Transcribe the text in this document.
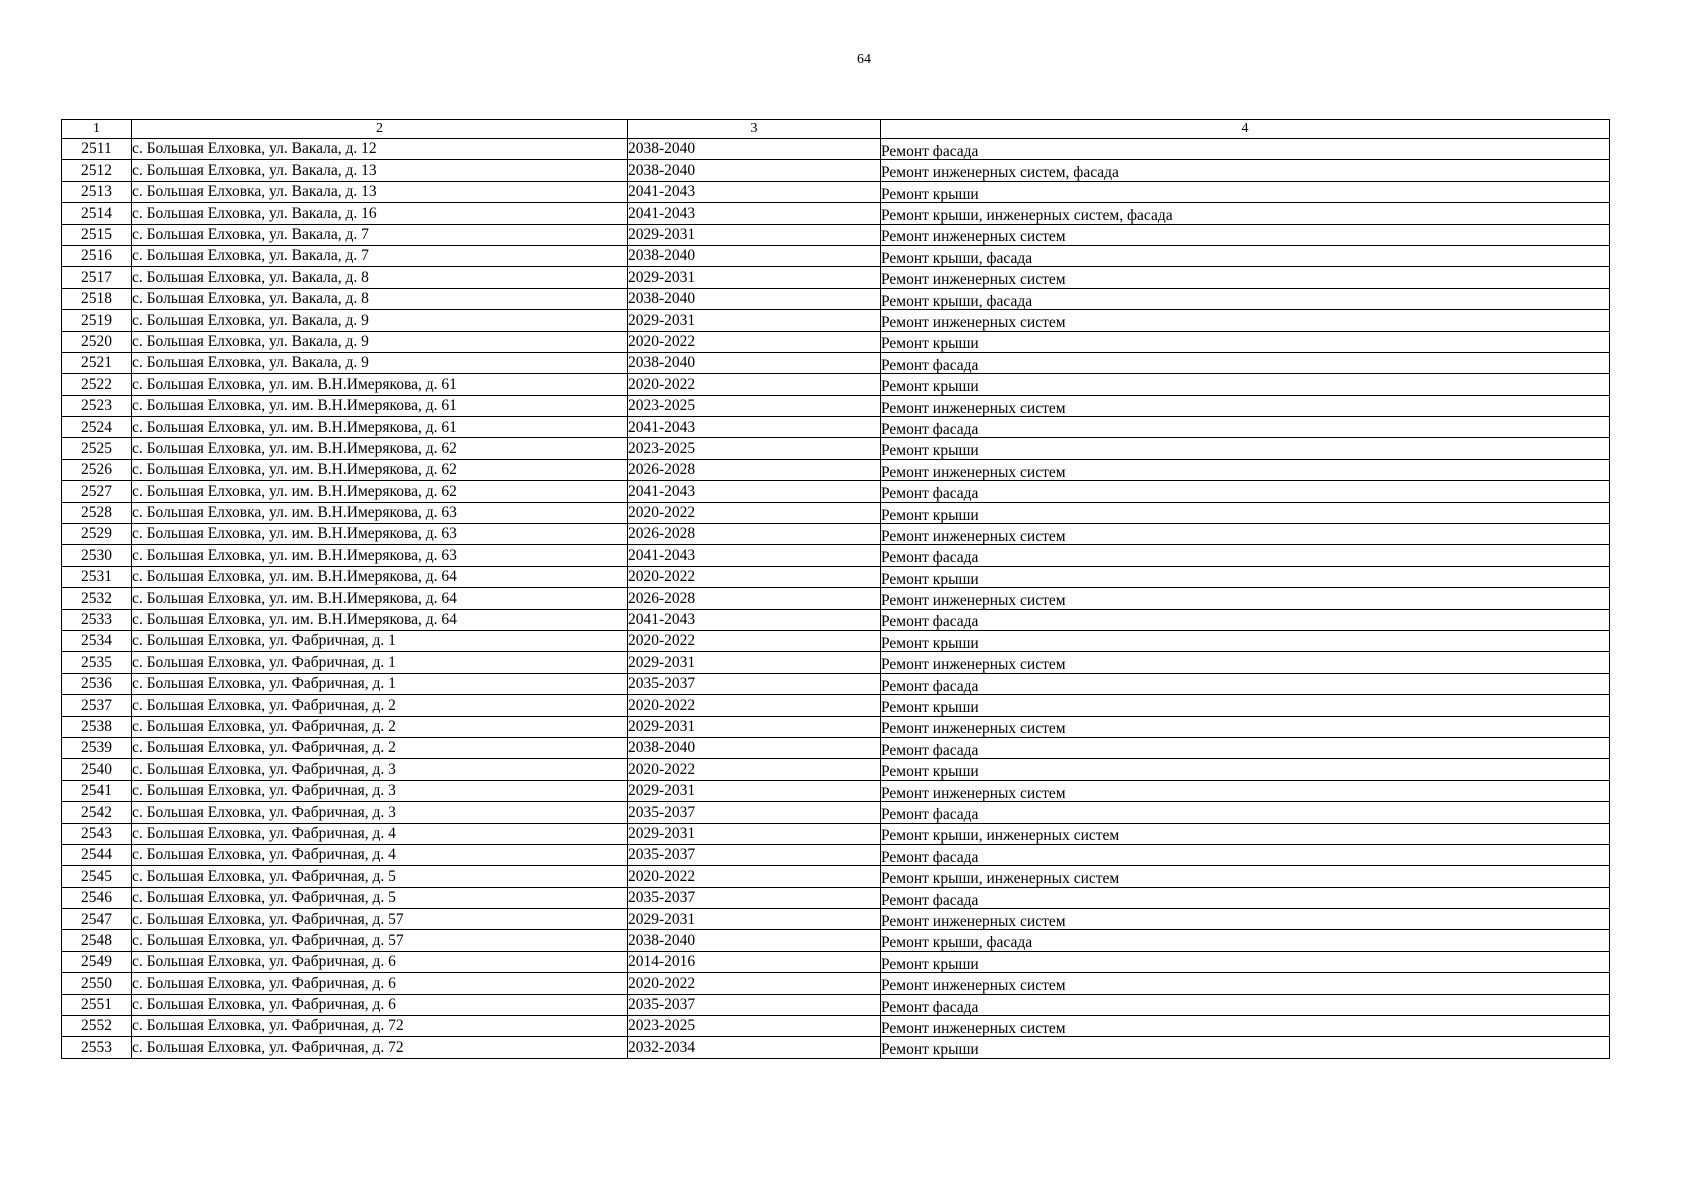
64
1	2	3	4
2511	с. Большая Елховка, ул. Вакала, д. 12	2038-2040	Ремонт фасада
2512	с. Большая Елховка, ул. Вакала, д. 13	2038-2040	Ремонт инженерных систем, фасада
2513	с. Большая Елховка, ул. Вакала, д. 13	2041-2043	Ремонт крыши
2514	с. Большая Елховка, ул. Вакала, д. 16	2041-2043	Ремонт крыши, инженерных систем, фасада
2515	с. Большая Елховка, ул. Вакала, д. 7	2029-2031	Ремонт инженерных систем
2516	с. Большая Елховка, ул. Вакала, д. 7	2038-2040	Ремонт крыши, фасада
2517	с. Большая Елховка, ул. Вакала, д. 8	2029-2031	Ремонт инженерных систем
2518	с. Большая Елховка, ул. Вакала, д. 8	2038-2040	Ремонт крыши, фасада
2519	с. Большая Елховка, ул. Вакала, д. 9	2029-2031	Ремонт инженерных систем
2520	с. Большая Елховка, ул. Вакала, д. 9	2020-2022	Ремонт крыши
2521	с. Большая Елховка, ул. Вакала, д. 9	2038-2040	Ремонт фасада
2522	с. Большая Елховка, ул. им. В.Н.Имерякова, д. 61	2020-2022	Ремонт крыши
2523	с. Большая Елховка, ул. им. В.Н.Имерякова, д. 61	2023-2025	Ремонт инженерных систем
2524	с. Большая Елховка, ул. им. В.Н.Имерякова, д. 61	2041-2043	Ремонт фасада
2525	с. Большая Елховка, ул. им. В.Н.Имерякова, д. 62	2023-2025	Ремонт крыши
2526	с. Большая Елховка, ул. им. В.Н.Имерякова, д. 62	2026-2028	Ремонт инженерных систем
2527	с. Большая Елховка, ул. им. В.Н.Имерякова, д. 62	2041-2043	Ремонт фасада
2528	с. Большая Елховка, ул. им. В.Н.Имерякова, д. 63	2020-2022	Ремонт крыши
2529	с. Большая Елховка, ул. им. В.Н.Имерякова, д. 63	2026-2028	Ремонт инженерных систем
2530	с. Большая Елховка, ул. им. В.Н.Имерякова, д. 63	2041-2043	Ремонт фасада
2531	с. Большая Елховка, ул. им. В.Н.Имерякова, д. 64	2020-2022	Ремонт крыши
2532	с. Большая Елховка, ул. им. В.Н.Имерякова, д. 64	2026-2028	Ремонт инженерных систем
2533	с. Большая Елховка, ул. им. В.Н.Имерякова, д. 64	2041-2043	Ремонт фасада
2534	с. Большая Елховка, ул. Фабричная, д. 1	2020-2022	Ремонт крыши
2535	с. Большая Елховка, ул. Фабричная, д. 1	2029-2031	Ремонт инженерных систем
2536	с. Большая Елховка, ул. Фабричная, д. 1	2035-2037	Ремонт фасада
2537	с. Большая Елховка, ул. Фабричная, д. 2	2020-2022	Ремонт крыши
2538	с. Большая Елховка, ул. Фабричная, д. 2	2029-2031	Ремонт инженерных систем
2539	с. Большая Елховка, ул. Фабричная, д. 2	2038-2040	Ремонт фасада
2540	с. Большая Елховка, ул. Фабричная, д. 3	2020-2022	Ремонт крыши
2541	с. Большая Елховка, ул. Фабричная, д. 3	2029-2031	Ремонт инженерных систем
2542	с. Большая Елховка, ул. Фабричная, д. 3	2035-2037	Ремонт фасада
2543	с. Большая Елховка, ул. Фабричная, д. 4	2029-2031	Ремонт крыши, инженерных систем
2544	с. Большая Елховка, ул. Фабричная, д. 4	2035-2037	Ремонт фасада
2545	с. Большая Елховка, ул. Фабричная, д. 5	2020-2022	Ремонт крыши, инженерных систем
2546	с. Большая Елховка, ул. Фабричная, д. 5	2035-2037	Ремонт фасада
2547	с. Большая Елховка, ул. Фабричная, д. 57	2029-2031	Ремонт инженерных систем
2548	с. Большая Елховка, ул. Фабричная, д. 57	2038-2040	Ремонт крыши, фасада
2549	с. Большая Елховка, ул. Фабричная, д. 6	2014-2016	Ремонт крыши
2550	с. Большая Елховка, ул. Фабричная, д. 6	2020-2022	Ремонт инженерных систем
2551	с. Большая Елховка, ул. Фабричная, д. 6	2035-2037	Ремонт фасада
2552	с. Большая Елховка, ул. Фабричная, д. 72	2023-2025	Ремонт инженерных систем
2553	с. Большая Елховка, ул. Фабричная, д. 72	2032-2034	Ремонт крыши
